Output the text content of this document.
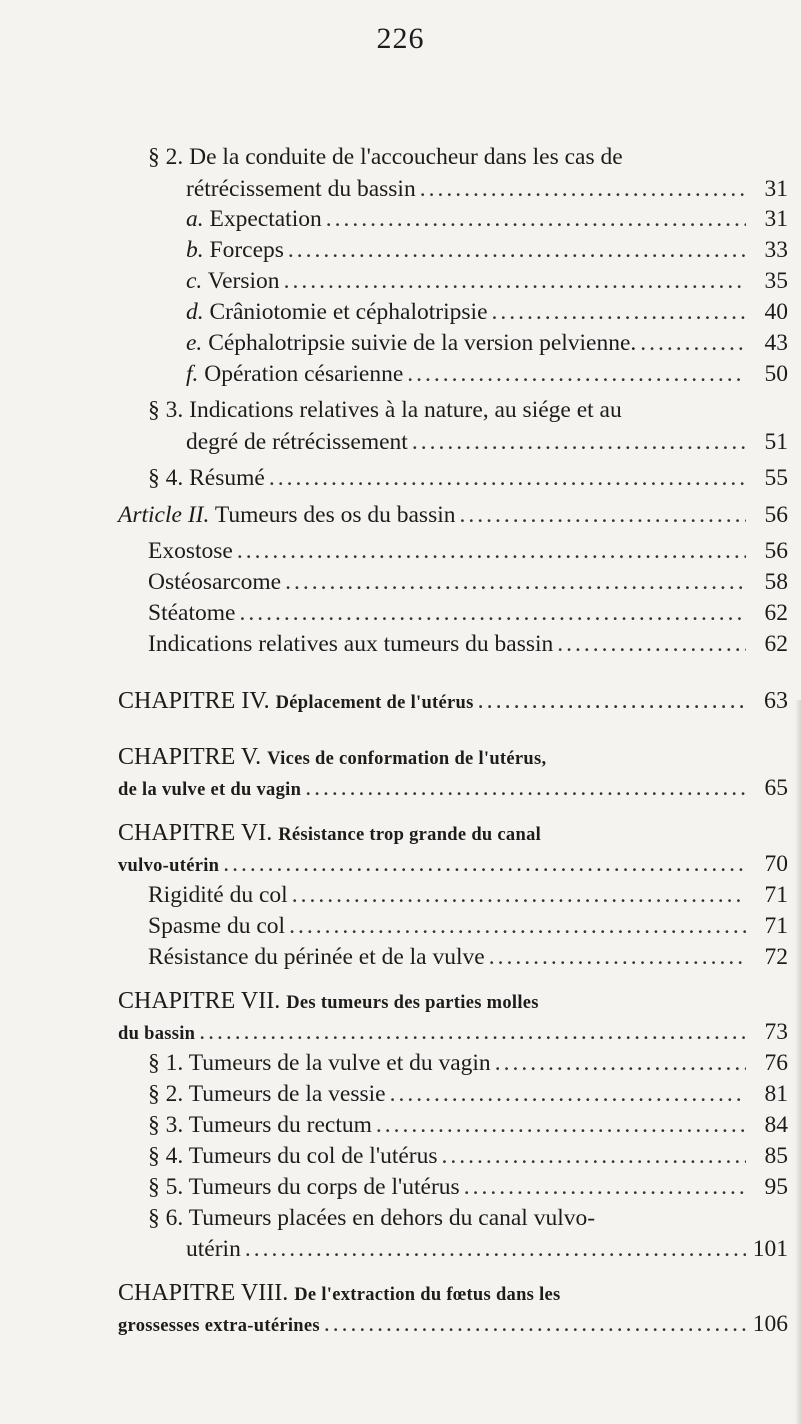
226
§ 2. De la conduite de l'accoucheur dans les cas de
rétrécissement du bassin .....	31
a. Expectation .....	31
b. Forceps .....	33
c. Version .....	35
d. Crâniotomie et céphalotripsie .....	40
e. Céphalotripsie suivie de la version pelvienne. .....	43
f. Opération césarienne .....	50
§ 3. Indications relatives à la nature, au siége et au
degré de rétrécissement .....	51
§ 4. Résumé .....	55
Article II. Tumeurs des os du bassin .....	56
Exostose .....	56
Ostéosarcome .....	58
Stéatome .....	62
Indications relatives aux tumeurs du bassin .....	62
CHAPITRE IV. Déplacement de l'utérus .....	63
CHAPITRE V. Vices de conformation de l'utérus,
de la vulve et du vagin .....	65
CHAPITRE VI. Résistance trop grande du canal
vulvo-utérin .....	70
Rigidité du col .....	71
Spasme du col .....	71
Résistance du périnée et de la vulve .....	72
CHAPITRE VII. Des tumeurs des parties molles
du bassin .....	73
§ 1. Tumeurs de la vulve et du vagin .....	76
§ 2. Tumeurs de la vessie .....	81
§ 3. Tumeurs du rectum .....	84
§ 4. Tumeurs du col de l'utérus .....	85
§ 5. Tumeurs du corps de l'utérus .....	95
§ 6. Tumeurs placées en dehors du canal vulvo-
utérin .....	101
CHAPITRE VIII. De l'extraction du fœtus dans les
grossesses extra-utérines .....	106
